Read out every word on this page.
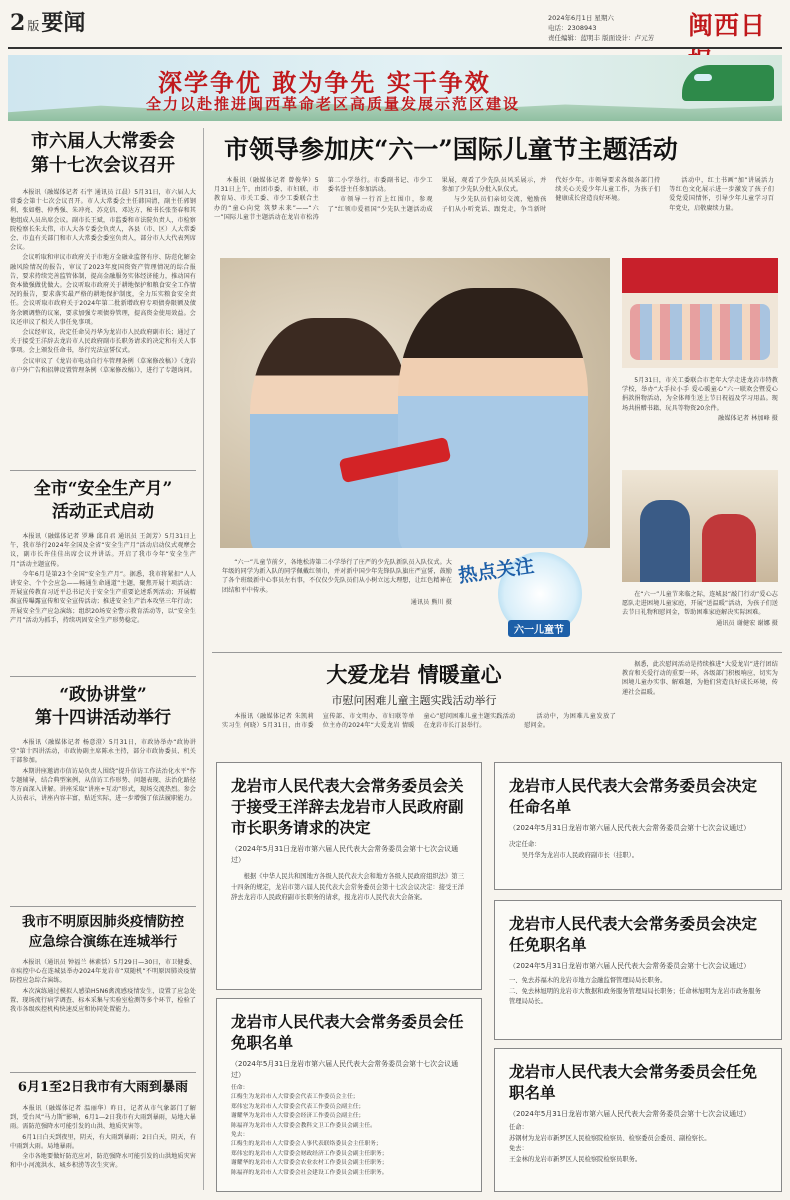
2 版要闻	2024年6月1日 星期六
电话：2308943
责任编辑：蓝明丰 版面设计：卢元芳 闽西日
深学争优 敢为争先 实干争效
全力以赴推进闽西革命老区高质量发展示范区建设
市六届人大常委会
第十七次会议召开

本报讯（融媒体记者 石宇 通讯员 江晨）5月31日，市六届人大常委会第十七次会议召开。市人大常委会主任韩国清，副主任郭钢利、张如楷、仲秀强、朱冲亮、苏克信、邓达方，秘书长张奎春和其他组成人员出席会议。副市长王斌，市监委和市法院负责人，市检察院检察长朱太伟，市人大各专委会负责人，各县（市、区）人大常委会、市直有关部门和市人大常委会委室负责人，部分市人大代表列席会议。

会议听取和审议市政府关于市地方金融业监督有序、防范化解金融风险情况的报告，审议了2023年度国资资产管理情况的综合报告，要求持续完善监管体制，提高金融服务实体经济能力，推动国有资本做强做优做大。会议听取市政府关于耕地保护和粮食安全工作情况的报告，要求落实最严格的耕地保护制度，全力压实粮食安全责任。会议听取市政府关于2024年第二批新增政府专项债券限额及债务余额调整的议案，要求加强专项债券管理，提高资金使用效益。会议还审议了相关人事任免事项。

会议经审议，决定任命吴丹华为龙岩市人民政府副市长；通过了关于接受王洋辞去龙岩市人民政府副市长职务请求的决定和有关人事事项。会上颁发任命书，举行宪法宣誓仪式。

会议审议了《龙岩市电动自行车管理条例（草案修改稿）》《龙岩市户外广告和招牌设置管理条例（草案修改稿）》，进行了专题询问。

全市“安全生产月”
活动正式启动

本报讯（融媒体记者 罗琳 邱自君 通讯员 王剑芳）5月31日上午，我市举行2024年全国及全省“安全生产月”活动启动仪式观摩会议，副市长许佳佳出席会议并讲话。开启了我市今年“安全生产月”活动主题宣传。

今年6月是第23个全国“安全生产月”。据悉，我市将紧扣“人人讲安全、个个会应急——畅通生命通道”主题，聚焦开展十项活动：开展宣传教育习近平总书记关于安全生产重要论述系列活动；开展精准宣传曝露宣传和安全宣传活动；推进安全生产治本攻坚三年行动；开展安全生产应急演练；组织20场安全警示教育活动等，以“安全生产月”活动为抓手，持续巩固安全生产形势稳定。

“政协讲堂”
第十四讲活动举行

本报讯（融媒体记者 杨意澄）5月31日，市政协举办“政协讲堂”第十四讲活动，市政协副主席陈永主持，部分市政协委员、机关干部参加。

本期讲座邀请市信访局负责人围绕“提升信访工作法治化水平”作专题辅导，结合典型案例，从信访工作形势、问题表现、法治化路径等方面深入讲解。讲座采取“讲座+互动”形式，现场交流热烈。参会人员表示，讲座内容丰富，贴近实际，进一步增强了依法履职能力。

我市不明原因肺炎疫情防控
应急综合演练在连城举行

本报讯（通讯员 钟福兰 林素恬）5月29日—30日，市卫健委、市疾控中心在连城县举办2024年龙岩市“双随机”不明原因肺炎疫情防控应急综合演练。

本次演练通过模拟人感染H5N6禽流感疫情发生，设置了应急处置、现场流行病学调查、标本采集与实验室检测等多个环节，检验了我市各级疾控机构快速反应和协同处置能力。

6月1至2日我市有大雨到暴雨

本报讯（融媒体记者 温丽华）昨日，记者从市气象部门了解到，受台风“马力斯”影响，6月1—2日我市有大雨到暴雨，局地大暴雨。需防范强降水可能引发的山洪、地质灾害等。

6月1日白天到夜里，阴天，有大雨到暴雨；2日白天，阴天，有中雨到大雨。局地暴雨。

全市各地要做好防范应对，防范强降水可能引发的山洪地质灾害和中小河流洪水、城乡积涝等次生灾害。

市领导参加庆“六一”国际儿童节主题活动

本报讯（融媒体记者 曾俊华）5月31日上午，由团市委、市妇联、市教育局、市关工委、市少工委联合主办的“童心向党 筑梦未来”——“六一”国际儿童节主题活动在龙岩市松涛第二小学举行。市委副书记、市少工委名誉主任参加活动。

市领导一行首上红围巾，参观了“红领巾爱祖国”少先队主题活动成果展，观看了少先队员风采展示，并参加了少先队分批入队仪式。

与少先队员们亲切交流，勉励孩子们从小听党话、跟党走，争当新时代好少年。市领导要求各级各部门持续关心关爱少年儿童工作，为孩子们健康成长营造良好环境。

活动中，红土书画“加”讲展活力等红色文化展示进一步激发了孩子们爱党爱国情怀，引导少年儿童学习百年党史，启敬赓续力量。

“六一”儿童节前夕，各地松涛第二小学举行了庄严的少先队新队员入队仪式。大年级的同学为新入队的同学佩戴红领巾，并对新中国少年先锋队队旗庄严宣誓，鼓励了各个班级新中心事员左右事，不仅仅少先队员们从小树立远大理想，让红色精神在团结和平中传承。

通讯员 熊川 摄
热点关注
六一儿童节

5月31日，市关工委联合市老年大学走进龙岩市特教学校，举办“大手拉小手 爱心暖童心”六一联欢会暨爱心捐款捐物活动，为全体师生送上节日祝福及学习用品。现场共捐赠书籍、玩具等物资20余件。

融媒体记者 林加峰 摄

在“六一”儿童节来临之际，连城县“敲门行动”爱心志愿队走进困境儿童家庭，开展“送温暖”活动，为孩子们送去节日礼物和慰问金，帮助困难家庭解决实际困难。

通讯员 谢健宏 谢娜 摄
大爱龙岩 情暖童心
市慰问困难儿童主题实践活动举行

本报讯（融媒体记者 朱凯莉 实习生 何晓）5月31日，由市委宣传部、市文明办、市妇联等单位主办的2024年“大爱龙岩 情暖童心”慰问困难儿童主题实践活动在龙岩市长汀县举行。

活动中，为困难儿童发放了慰问金。

据悉，此次慰问活动是持续推进“大爱龙岩”进行团结教育和关爱行动的重要一环，各级部门积极响应，切实为困境儿童办实事、解难题，为他们营造良好成长环境，传递社会温暖。

龙岩市人民代表大会常务委员会关于接受王洋辞去龙岩市人民政府副市长职务请求的决定
（2024年5月31日龙岩市第六届人民代表大会常务委员会第十七次会议通过）
根据《中华人民共和国地方各级人民代表大会和地方各级人民政府组织法》第三十四条的规定，龙岩市第六届人民代表大会常务委员会第十七次会议决定：接受王洋辞去龙岩市人民政府副市长职务的请求，报龙岩市人民代表大会备案。
龙岩市人民代表大会常务委员会任免职名单
（2024年5月31日龙岩市第六届人民代表大会常务委员会第十七次会议通过）
任命：
江梅生为龙岩市人大常委会代表工作委员会主任；
郑伟宏为龙岩市人大常委会代表工作委员会副主任；
谢耀华为龙岩市人大常委会经济工作委员会副主任；
陈福祥为龙岩市人大常委会教科文卫工作委员会副主任。
免去：
江梅生的龙岩市人大常委会人事代表联络委员会主任职务；
郑伟宏的龙岩市人大常委会财政经济工作委员会副主任职务；
谢耀华的龙岩市人大常委会农业农村工作委员会副主任职务；
陈福祥的龙岩市人大常委会社会建设工作委员会副主任职务。
龙岩市人民代表大会常务委员会决定任命名单
（2024年5月31日龙岩市第六届人民代表大会常务委员会第十七次会议通过）
决定任命：
吴丹华为龙岩市人民政府副市长（挂职）。
龙岩市人民代表大会常务委员会决定任免职名单
（2024年5月31日龙岩市第六届人民代表大会常务委员会第十七次会议通过）
一、免去苏福木的龙岩市地方金融监督管理局局长职务。
二、免去林旭明的龙岩市大数据和政务服务管理局局长职务；任命林旭明为龙岩市政务服务管理局局长。
龙岩市人民代表大会常务委员会任免职名单
（2024年5月31日龙岩市第六届人民代表大会常务委员会第十七次会议通过）
任命：
苏钢材为龙岩市新罗区人民检察院检察员、检察委员会委员、副检察长。
免去：
王金林的龙岩市新罗区人民检察院检察员职务。
